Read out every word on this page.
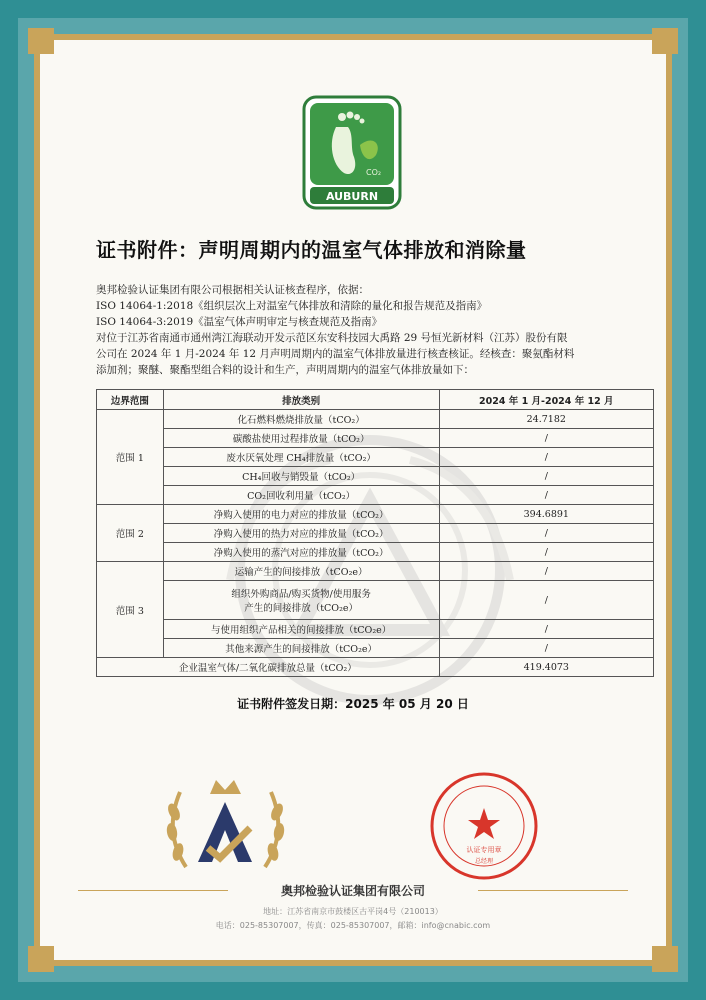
CO₂
AUBURN
证书附件：声明周期内的温室气体排放和消除量
奥邦检验认证集团有限公司根据相关认证核查程序，依据：
ISO 14064-1:2018《组织层次上对温室气体排放和清除的量化和报告规范及指南》
ISO 14064-3:2019《温室气体声明审定与核查规范及指南》
对位于江苏省南通市通州湾江海联动开发示范区东安科技园大禹路 29 号恒光新材料（江苏）股份有限
公司在 2024 年 1 月-2024 年 12 月声明周期内的温室气体排放量进行核查核证。经核查：聚氨酯材料
添加剂；聚醚、聚酯型组合料的设计和生产，声明周期内的温室气体排放量如下：
边界范围	排放类别	2024 年 1 月-2024 年 12 月
范围 1	化石燃料燃烧排放量（tCO₂）	24.7182
	碳酸盐使用过程排放量（tCO₂）	/
	废水厌氧处理 CH₄排放量（tCO₂）	/
	CH₄回收与销毁量（tCO₂）	/
	CO₂回收利用量（tCO₂）	/
范围 2	净购入使用的电力对应的排放量（tCO₂）	394.6891
	净购入使用的热力对应的排放量（tCO₂）	/
	净购入使用的蒸汽对应的排放量（tCO₂）	/
范围 3	运输产生的间接排放（tCO₂e）	/

	组织外购商品/购买货物/使用服务
产生的间接排放（tCO₂e）	/
	与使用组织产品相关的间接排放（tCO₂e）	/
	其他来源产生的间接排放（tCO₂e）	/
企业温室气体/二氧化碳排放总量（tCO₂）		419.4073
证书附件签发日期：2025 年 05 月 20 日
认证专用章
总经理
奥邦检验认证集团有限公司
地址：江苏省南京市鼓楼区古平岗4号（210013）
电话：025-85307007，传真：025-85307007，邮箱：info@cnabic.com
